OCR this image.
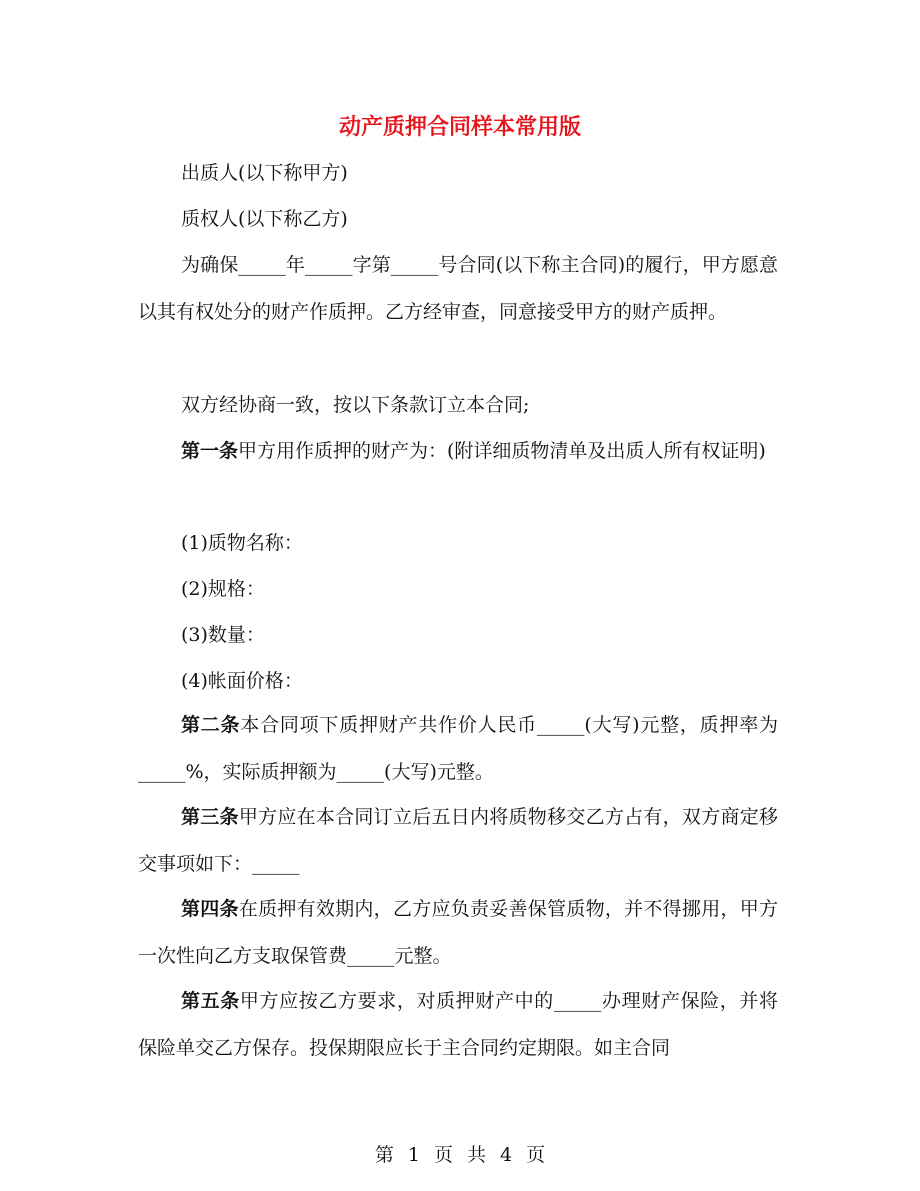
动产质押合同样本常用版
出质人(以下称甲方)
质权人(以下称乙方)
为确保_____年_____字第_____号合同(以下称主合同)的履行，甲方愿意以其有权处分的财产作质押。乙方经审查，同意接受甲方的财产质押。
双方经协商一致，按以下条款订立本合同;
第一条甲方用作质押的财产为：(附详细质物清单及出质人所有权证明)
(1)质物名称：
(2)规格：
(3)数量：
(4)帐面价格：
第二条本合同项下质押财产共作价人民币_____(大写)元整，质押率为_____%，实际质押额为_____(大写)元整。
第三条甲方应在本合同订立后五日内将质物移交乙方占有，双方商定移交事项如下：_____
第四条在质押有效期内，乙方应负责妥善保管质物，并不得挪用，甲方一次性向乙方支取保管费_____元整。
第五条甲方应按乙方要求，对质押财产中的_____办理财产保险，并将保险单交乙方保存。投保期限应长于主合同约定期限。如主合同
第 1 页 共 4 页
